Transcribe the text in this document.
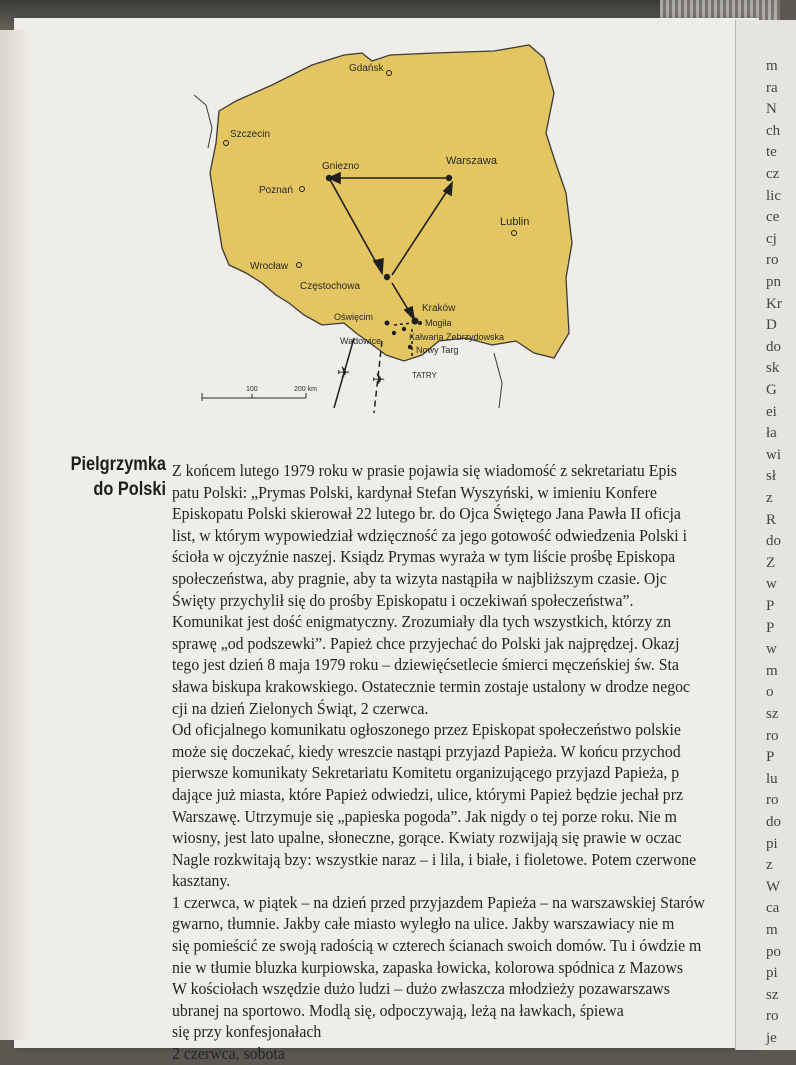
✈ ✈
Gdańsk
Szczecin
Gniezno	Warszawa
Poznań
Lublin
Wrocław
Częstochowa
Kraków
Oświęcim
Mogiła
Kalwaria Zebrzydowska
Wadowice
Nowy Targ
TATRY
100	200 km
Pielgrzymka
do Polski
Z końcem lutego 1979 roku w prasie pojawia się wiadomość z sekretariatu Epis
patu Polski: „Prymas Polski, kardynał Stefan Wyszyński, w imieniu Konfere
Episkopatu Polski skierował 22 lutego br. do Ojca Świętego Jana Pawła II oficja
list, w którym wypowiedział wdzięczność za jego gotowość odwiedzenia Polski i
ścioła w ojczyźnie naszej. Ksiądz Prymas wyraża w tym liście prośbę Episkopa
społeczeństwa, aby pragnie, aby ta wizyta nastąpiła w najbliższym czasie. Ojc
Święty przychylił się do prośby Episkopatu i oczekiwań społeczeństwa”.
Komunikat jest dość enigmatyczny. Zrozumiały dla tych wszystkich, którzy zn
sprawę „od podszewki”. Papież chce przyjechać do Polski jak najprędzej. Okazj
tego jest dzień 8 maja 1979 roku – dziewięćsetlecie śmierci męczeńskiej św. Sta
sława biskupa krakowskiego. Ostatecznie termin zostaje ustalony w drodze negoc
cji na dzień Zielonych Świąt, 2 czerwca.
Od oficjalnego komunikatu ogłoszonego przez Episkopat społeczeństwo polskie
może się doczekać, kiedy wreszcie nastąpi przyjazd Papieża. W końcu przychod
pierwsze komunikaty Sekretariatu Komitetu organizującego przyjazd Papieża, p
dające już miasta, które Papież odwiedzi, ulice, którymi Papież będzie jechał prz
Warszawę. Utrzymuje się „papieska pogoda”. Jak nigdy o tej porze roku. Nie m
wiosny, jest lato upalne, słoneczne, gorące. Kwiaty rozwijają się prawie w oczac
Nagle rozkwitają bzy: wszystkie naraz – i lila, i białe, i fioletowe. Potem czerwone
kasztany.
1 czerwca, w piątek – na dzień przed przyjazdem Papieża – na warszawskiej Starów
gwarno, tłumnie. Jakby całe miasto wyległo na ulice. Jakby warszawiacy nie m
się pomieścić ze swoją radością w czterech ścianach swoich domów. Tu i ówdzie m
nie w tłumie bluzka kurpiowska, zapaska łowicka, kolorowa spódnica z Mazows
W kościołach wszędzie dużo ludzi – dużo zwłaszcza młodzieży pozawarszaws
ubranej na sportowo. Modlą się, odpoczywają, leżą na ławkach, śpiewa
się przy konfesjonałach
2 czerwca, sobota
m
ra
N
ch
te
cz
lic
ce
cj
ro
pn
Kr
D
do
sk
G
ei
ła
wi
sł
z
R
do
Z
w
P
P
w
m
o
sz
ro
P
lu
ro
do
pi
z
W
ca
m
po
pi
sz
ro
je
